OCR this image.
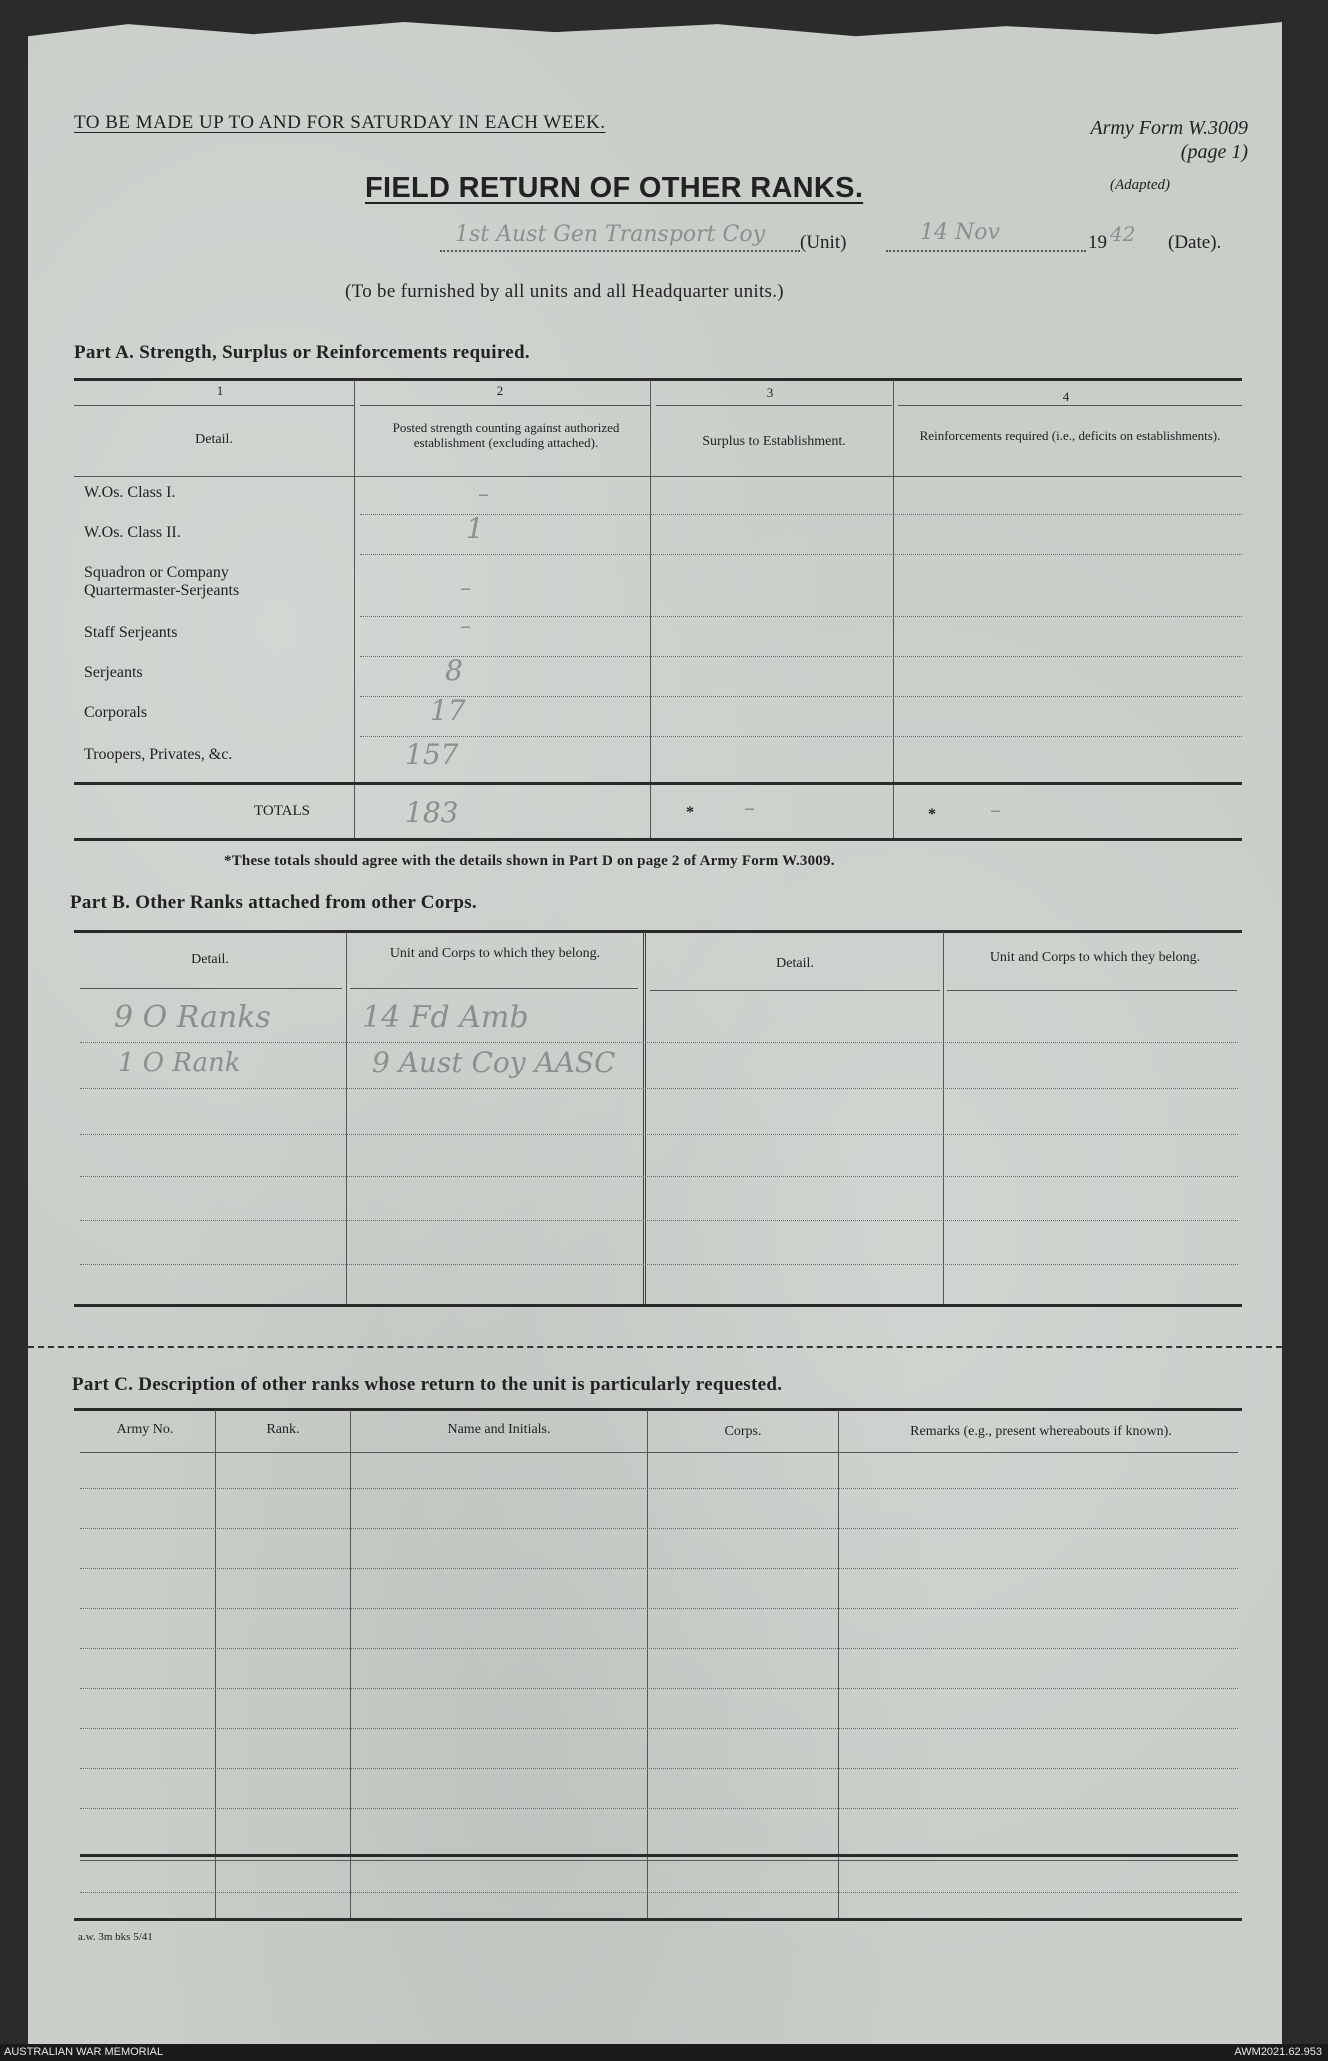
TO BE MADE UP TO AND FOR SATURDAY IN EACH WEEK.	Army Form W.3009
(page 1)
(Adapted)
FIELD RETURN OF OTHER RANKS.
1st Aust Gen Transport Coy (Unit)	14 Nov	19 42 (Date).
(To be furnished by all units and all Headquarter units.)
Part A. Strength, Surplus or Reinforcements required.
1	2	3	4
Detail.
Posted strength counting against authorized establishment (excluding attached).	Surplus to Establishment.	Reinforcements required (i.e., deficits on establishments).
W.Os. Class I.	–
W.Os. Class II.	1
Squadron or Company Quartermaster-Serjeants	–
Staff Serjeants	–
Serjeants	8
Corporals	17
Troopers, Privates, &c.	157
TOTALS	183	* –	* –
*These totals should agree with the details shown in Part D on page 2 of Army Form W.3009.
Part B. Other Ranks attached from other Corps.
Detail.	Unit and Corps to which they belong.
Detail.	Unit and Corps to which they belong.
9 O Ranks	14 Fd Amb
1 O Rank	9 Aust Coy AASC
Part C. Description of other ranks whose return to the unit is particularly requested.
Army No.	Rank.	Name and Initials.	Corps.	Remarks (e.g., present whereabouts if known).
a.w. 3m bks 5/41
AUSTRALIAN WAR MEMORIAL	AWM2021.62.953
